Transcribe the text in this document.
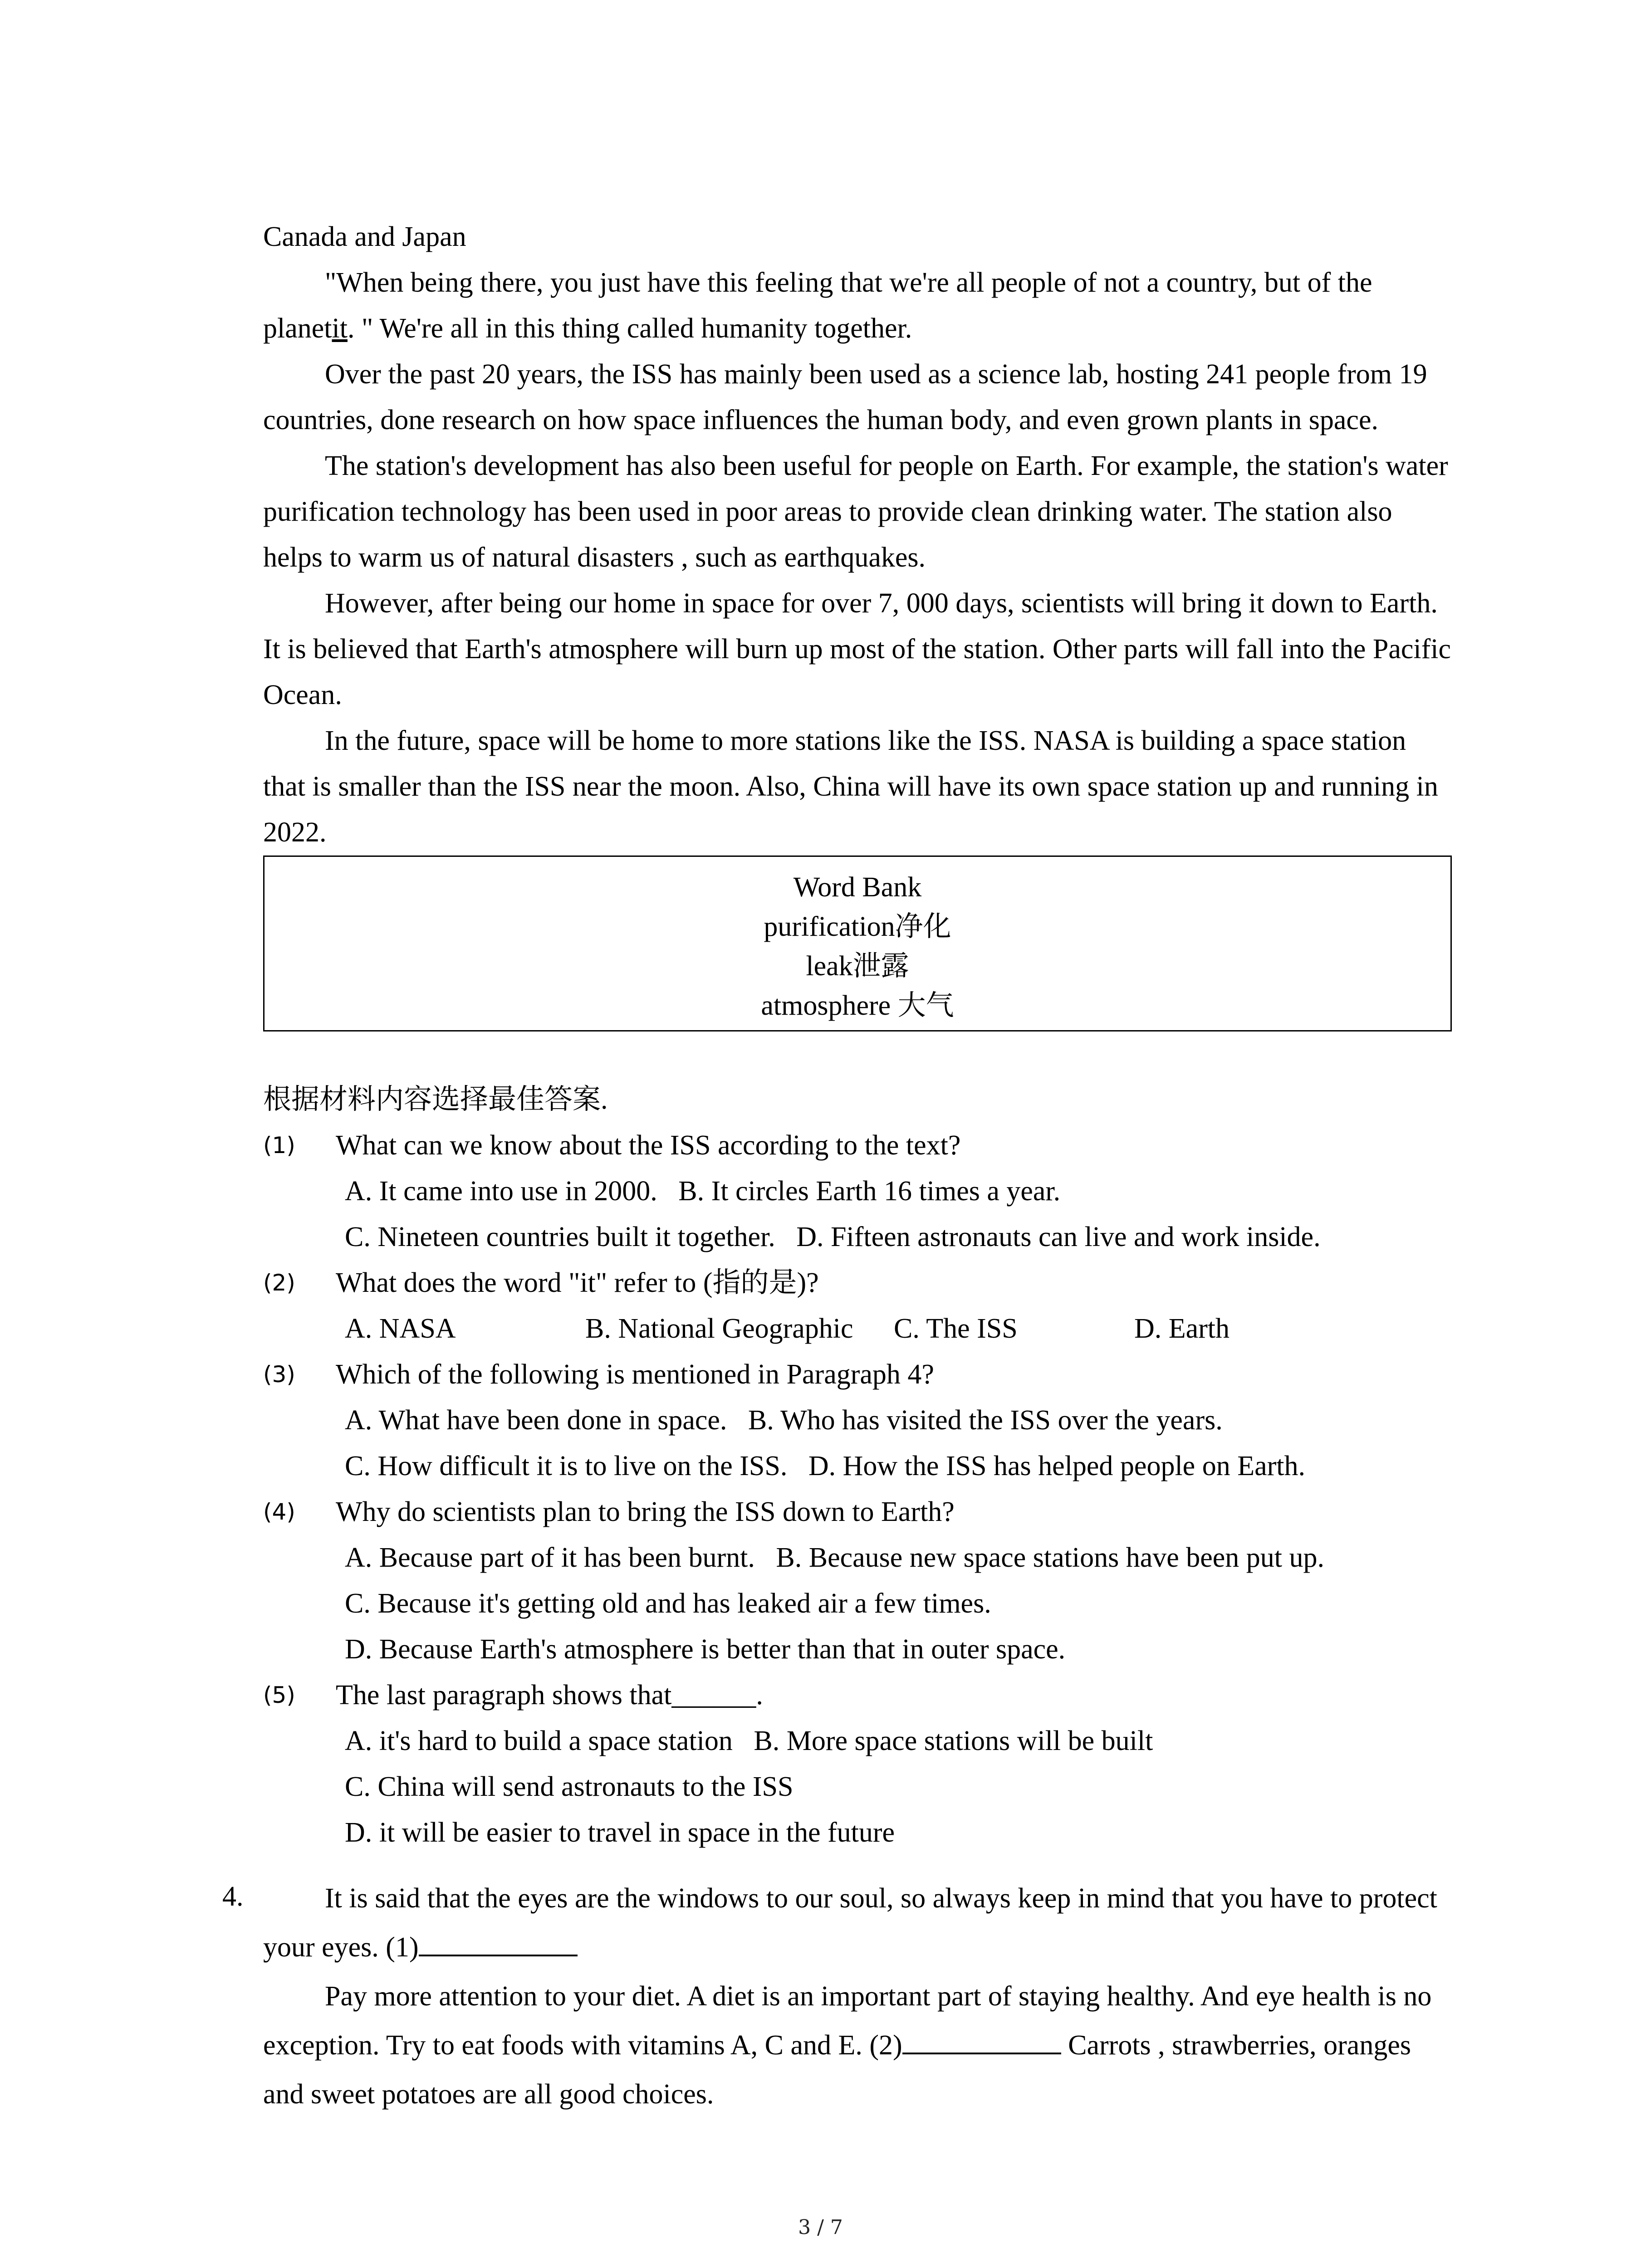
Canada and Japan

"When being there, you just have this feeling that we're all people of not a country, but of the planetit. " We're all in this thing called humanity together.

Over the past 20 years, the ISS has mainly been used as a science lab, hosting 241 people from 19 countries, done research on how space influences the human body, and even grown plants in space.

The station's development has also been useful for people on Earth. For example, the station's water purification technology has been used in poor areas to provide clean drinking water. The station also helps to warm us of natural disasters , such as earthquakes.

However, after being our home in space for over 7, 000 days, scientists will bring it down to Earth. It is believed that Earth's atmosphere will burn up most of the station. Other parts will fall into the Pacific Ocean.

In the future, space will be home to more stations like the ISS. NASA is building a space station that is smaller than the ISS near the moon. Also, China will have its own space station up and running in 2022.

Word Bank

purification净化

leak泄露

atmosphere 大气

根据材料内容选择最佳答案.

(1)	What can we know about the ISS according to the text?
A. It came into use in 2000.   B. It circles Earth 16 times a year.
C. Nineteen countries built it together.   D. Fifteen astronauts can live and work inside.
(2)	What does the word "it" refer to (指的是)?
A. NASA	B. National Geographic	C. The ISS	D. Earth
(3)	Which of the following is mentioned in Paragraph 4?
A. What have been done in space.   B. Who has visited the ISS over the years.
C. How difficult it is to live on the ISS.   D. How the ISS has helped people on Earth.
(4)	Why do scientists plan to bring the ISS down to Earth?
A. Because part of it has been burnt.   B. Because new space stations have been put up.
C. Because it's getting old and has leaked air a few times.
D. Because Earth's atmosphere is better than that in outer space.
(5)	The last paragraph shows that______.
A. it's hard to build a space station   B. More space stations will be built
C. China will send astronauts to the ISS
D. it will be easier to travel in space in the future
4.	It is said that the eyes are the windows to our soul, so always keep in mind that you have to protect your eyes. (1)

Pay more attention to your diet. A diet is an important part of staying healthy. And eye health is no exception. Try to eat foods with vitamins A, C and E. (2)	Carrots , strawberries, oranges and sweet potatoes are all good choices.

3 / 7
